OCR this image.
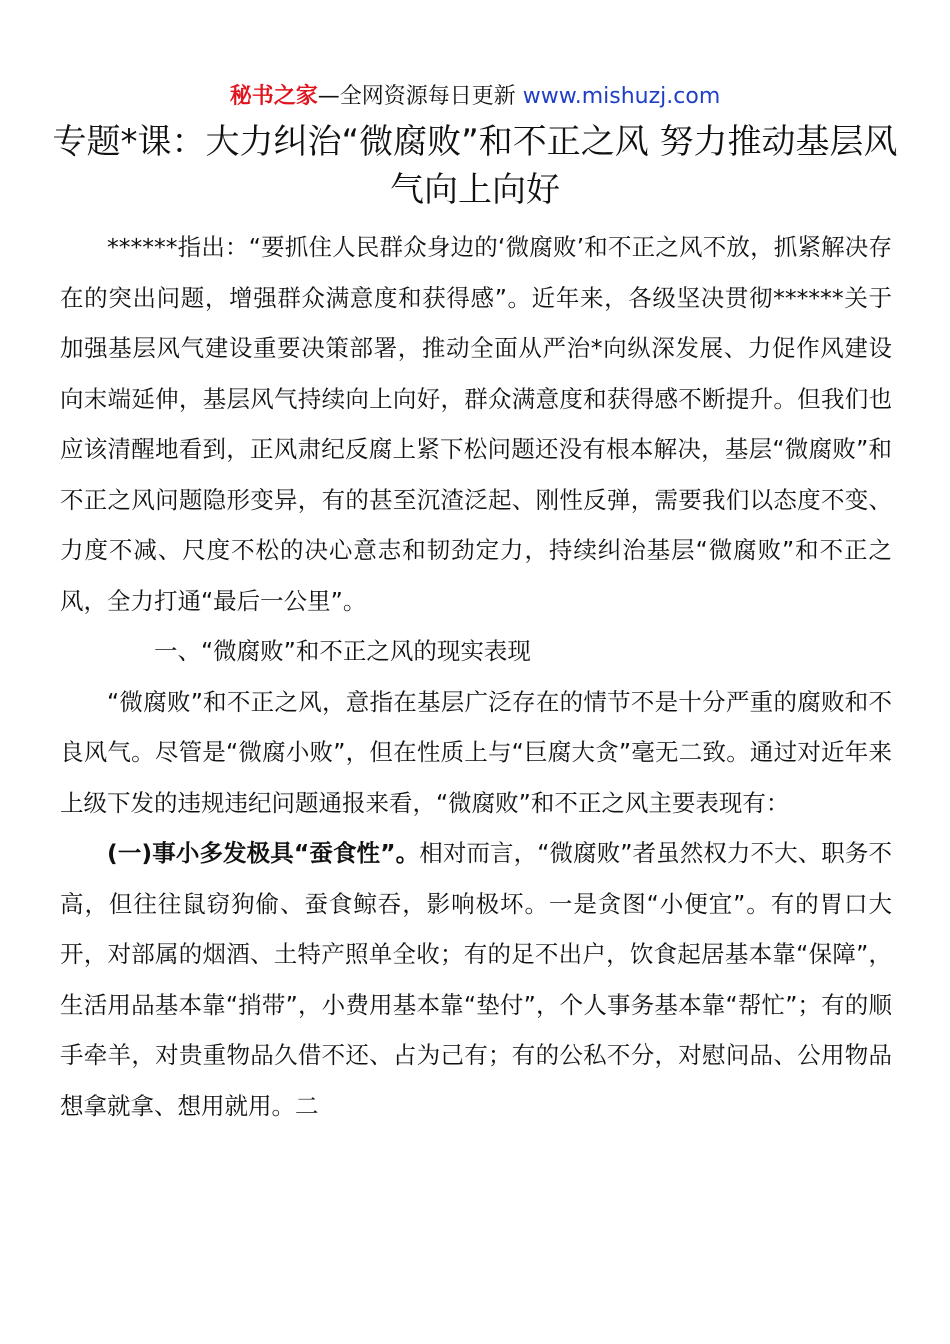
秘书之家—全网资源每日更新 www.mishuzj.com
专题*课：大力纠治“微腐败”和不正之风 努力推动基层风气向上向好

******指出：“要抓住人民群众身边的‘微腐败’和不正之风不放，抓紧解决存在的突出问题，增强群众满意度和获得感”。近年来，各级坚决贯彻******关于加强基层风气建设重要决策部署，推动全面从严治*向纵深发展、力促作风建设向末端延伸，基层风气持续向上向好，群众满意度和获得感不断提升。但我们也应该清醒地看到，正风肃纪反腐上紧下松问题还没有根本解决，基层“微腐败”和不正之风问题隐形变异，有的甚至沉渣泛起、刚性反弹，需要我们以态度不变、力度不减、尺度不松的决心意志和韧劲定力，持续纠治基层“微腐败”和不正之风，全力打通“最后一公里”。

一、“微腐败”和不正之风的现实表现

“微腐败”和不正之风，意指在基层广泛存在的情节不是十分严重的腐败和不良风气。尽管是“微腐小败”，但在性质上与“巨腐大贪”毫无二致。通过对近年来上级下发的违规违纪问题通报来看，“微腐败”和不正之风主要表现有：

(一)事小多发极具“蚕食性”。相对而言，“微腐败”者虽然权力不大、职务不高，但往往鼠窃狗偷、蚕食鲸吞，影响极坏。一是贪图“小便宜”。有的胃口大开，对部属的烟酒、土特产照单全收；有的足不出户，饮食起居基本靠“保障”，生活用品基本靠“捎带”，小费用基本靠“垫付”，个人事务基本靠“帮忙”；有的顺手牵羊，对贵重物品久借不还、占为己有；有的公私不分，对慰问品、公用物品想拿就拿、想用就用。二
